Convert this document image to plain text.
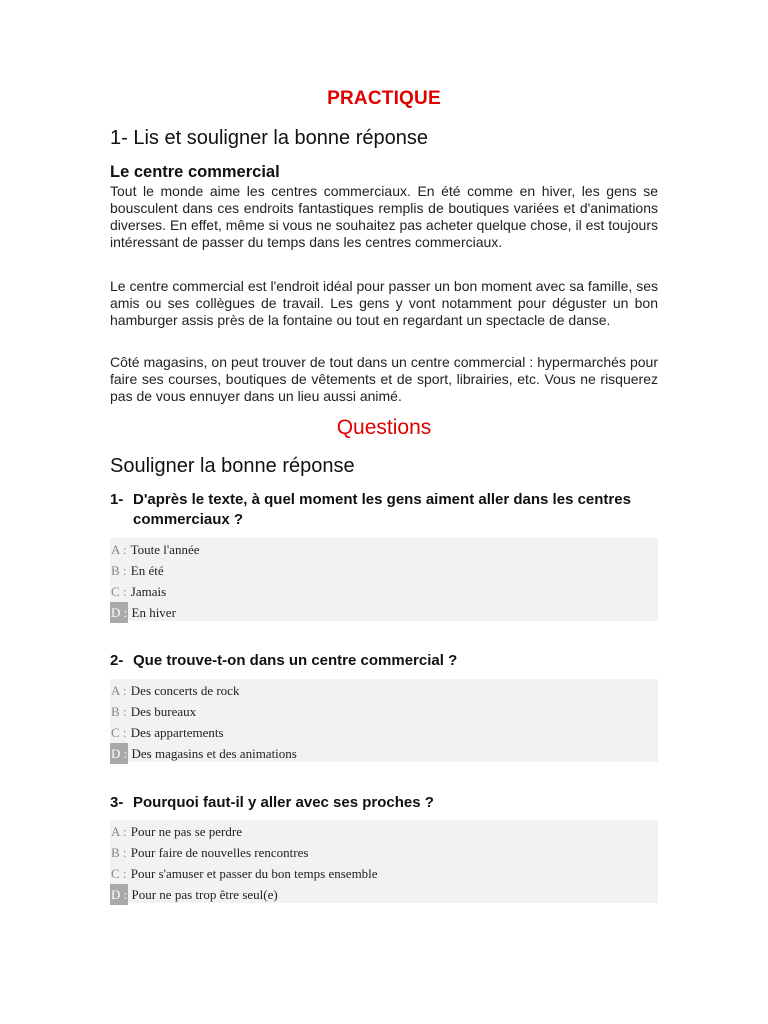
PRACTIQUE
1- Lis et souligner la bonne réponse
Le centre commercial
Tout le monde aime les centres commerciaux. En été comme en hiver, les gens se bousculent dans ces endroits fantastiques remplis de boutiques variées et d'animations diverses. En effet, même si vous ne souhaitez pas acheter quelque chose, il est toujours intéressant de passer du temps dans les centres commerciaux.
Le centre commercial est l'endroit idéal pour passer un bon moment avec sa famille, ses amis ou ses collègues de travail. Les gens y vont notamment pour déguster un bon hamburger assis près de la fontaine ou tout en regardant un spectacle de danse.
Côté magasins, on peut trouver de tout dans un centre commercial : hypermarchés pour faire ses courses, boutiques de vêtements et de sport, librairies, etc. Vous ne risquerez pas de vous ennuyer dans un lieu aussi animé.
Questions
Souligner la bonne réponse
1- D'après le texte, à quel moment les gens aiment aller dans les centres commerciaux ?
A : Toute l'année
B : En été
C : Jamais
D : En hiver
2- Que trouve-t-on dans un centre commercial ?
A : Des concerts de rock
B : Des bureaux
C : Des appartements
D : Des magasins et des animations
3- Pourquoi faut-il y aller avec ses proches ?
A : Pour ne pas se perdre
B : Pour faire de nouvelles rencontres
C : Pour s'amuser et passer du bon temps ensemble
D : Pour ne pas trop être seul(e)
